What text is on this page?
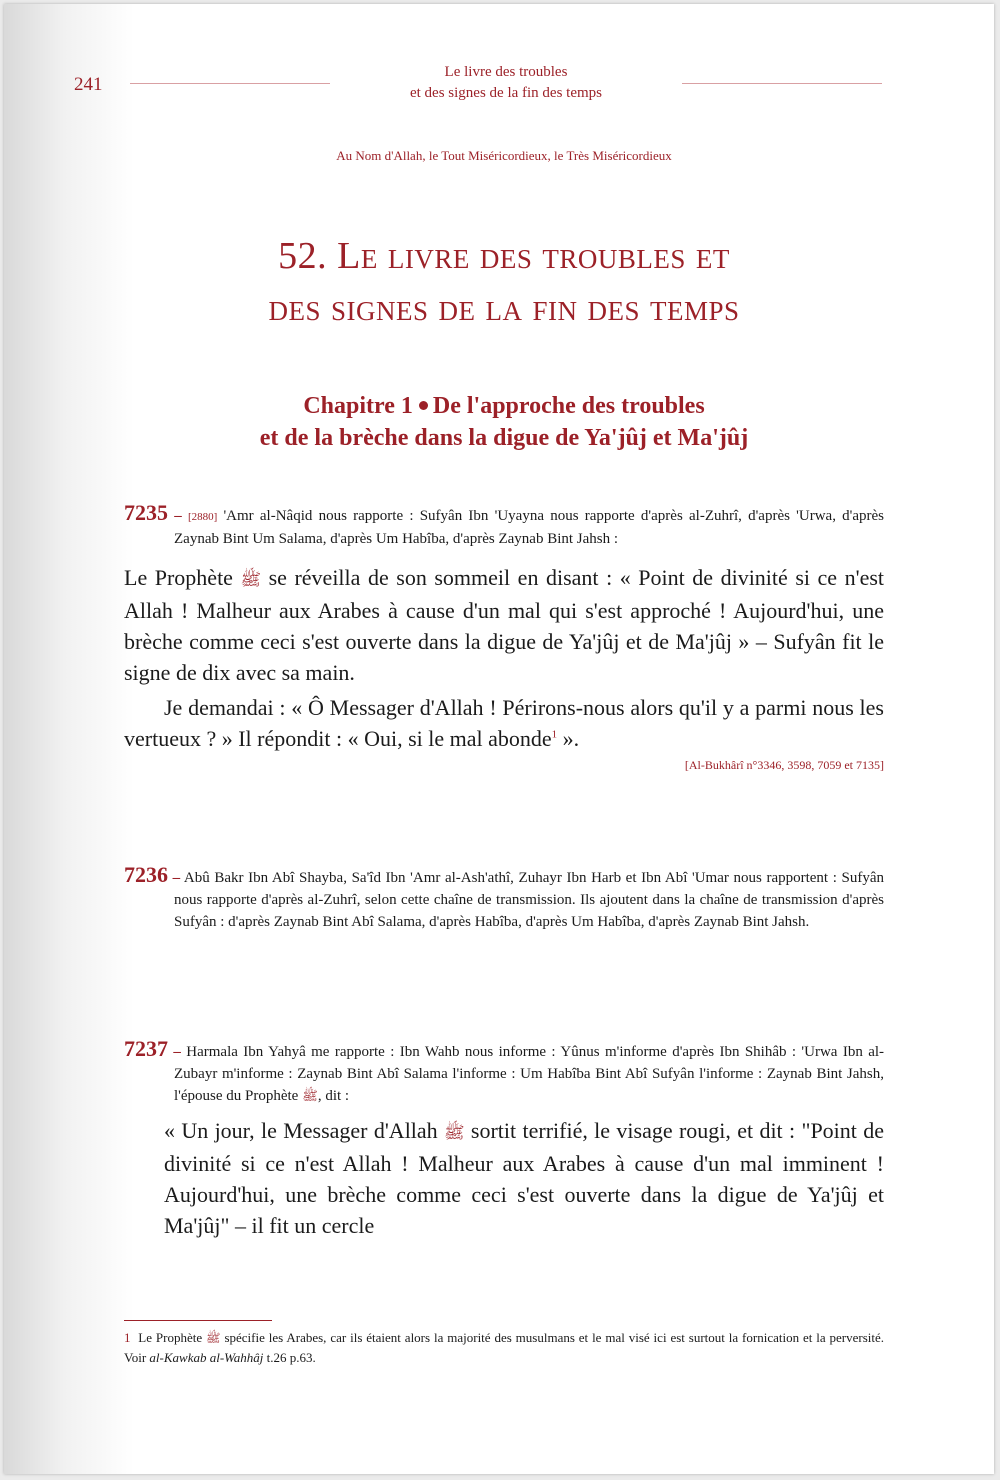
241
Le livre des troubles
et des signes de la fin des temps
Au Nom d'Allah, le Tout Miséricordieux, le Très Miséricordieux
52. Le livre des troubles et
des signes de la fin des temps
Chapitre 1 De l'approche des troubles
et de la brèche dans la digue de Ya'jûj et Ma'jûj
7235 – [2880] 'Amr al-Nâqid nous rapporte : Sufyân Ibn 'Uyayna nous rapporte d'après al-Zuhrî, d'après 'Urwa, d'après Zaynab Bint Um Salama, d'après Um Habîba, d'après Zaynab Bint Jahsh :

Le Prophète ﷺ se réveilla de son sommeil en disant : « Point de divinité si ce n'est Allah ! Malheur aux Arabes à cause d'un mal qui s'est approché ! Aujourd'hui, une brèche comme ceci s'est ouverte dans la digue de Ya'jûj et de Ma'jûj » – Sufyân fit le signe de dix avec sa main.

Je demandai : « Ô Messager d'Allah ! Périrons-nous alors qu'il y a parmi nous les vertueux ? » Il répondit : « Oui, si le mal abonde$^1$ ».

[Al-Bukhârî n°3346, 3598, 7059 et 7135]
7236 – Abû Bakr Ibn Abî Shayba, Sa'îd Ibn 'Amr al-Ash'athî, Zuhayr Ibn Harb et Ibn Abî 'Umar nous rapportent : Sufyân nous rapporte d'après al-Zuhrî, selon cette chaîne de transmission. Ils ajoutent dans la chaîne de transmission d'après Sufyân : d'après Zaynab Bint Abî Salama, d'après Habîba, d'après Um Habîba, d'après Zaynab Bint Jahsh.
7237 – Harmala Ibn Yahyâ me rapporte : Ibn Wahb nous informe : Yûnus m'informe d'après Ibn Shihâb : 'Urwa Ibn al-Zubayr m'informe : Zaynab Bint Abî Salama l'informe : Um Habîba Bint Abî Sufyân l'informe : Zaynab Bint Jahsh, l'épouse du Prophète ﷺ, dit :

« Un jour, le Messager d'Allah ﷺ sortit terrifié, le visage rougi, et dit : "Point de divinité si ce n'est Allah ! Malheur aux Arabes à cause d'un mal imminent ! Aujourd'hui, une brèche comme ceci s'est ouverte dans la digue de Ya'jûj et Ma'jûj" – il fit un cercle

1 Le Prophète ﷺ spécifie les Arabes, car ils étaient alors la majorité des musulmans et le mal visé ici est surtout la fornication et la perversité. Voir al-Kawkab al-Wahhâj t.26 p.63.
